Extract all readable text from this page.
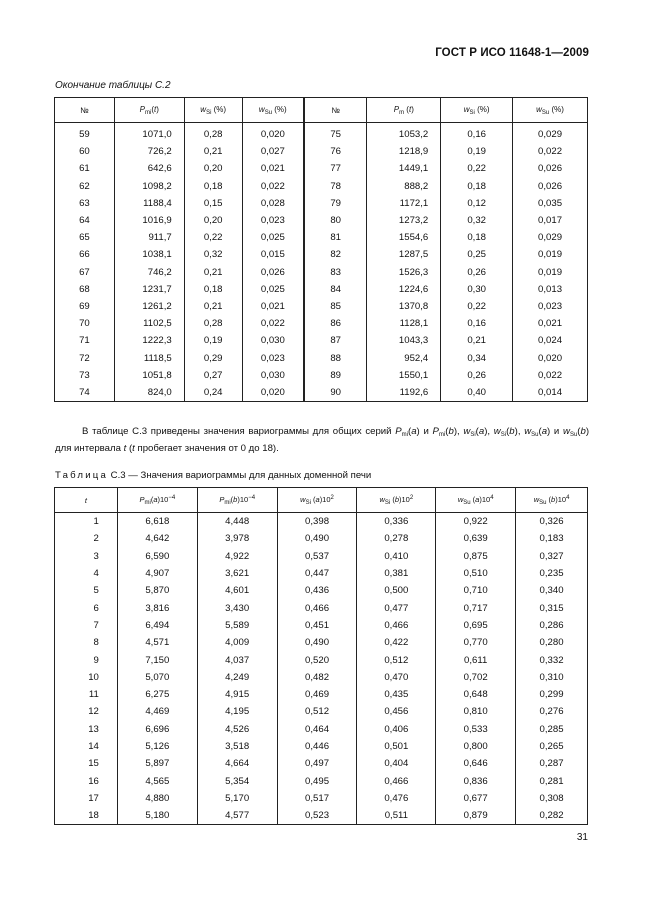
ГОСТ Р ИСО 11648-1—2009
Окончание таблицы С.2
№	$P_{mi}(t)$	$w_{Si}$ (%)	$w_{Su}$ (%)	№	$P_m$ (t)	$w_{Si}$ (%)	$w_{Su}$ (%)
59	1071,0	0,28	0,020	75	1053,2	0,16	0,029
60	726,2	0,21	0,027	76	1218,9	0,19	0,022
61	642,6	0,20	0,021	77	1449,1	0,22	0,026
62	1098,2	0,18	0,022	78	888,2	0,18	0,026
63	1188,4	0,15	0,028	79	1172,1	0,12	0,035
64	1016,9	0,20	0,023	80	1273,2	0,32	0,017
65	911,7	0,22	0,025	81	1554,6	0,18	0,029
66	1038,1	0,32	0,015	82	1287,5	0,25	0,019
67	746,2	0,21	0,026	83	1526,3	0,26	0,019
68	1231,7	0,18	0,025	84	1224,6	0,30	0,013
69	1261,2	0,21	0,021	85	1370,8	0,22	0,023
70	1102,5	0,28	0,022	86	1128,1	0,16	0,021
71	1222,3	0,19	0,030	87	1043,3	0,21	0,024
72	1118,5	0,29	0,023	88	952,4	0,34	0,020
73	1051,8	0,27	0,030	89	1550,1	0,26	0,022
74	824,0	0,24	0,020	90	1192,6	0,40	0,014
В таблице С.3 приведены значения вариограммы для общих серий $P_{mi}(a)$ и $P_{mi}(b)$, $w_{Si}(a)$, $w_{Si}(b)$, $w_{Su}(a)$ и $w_{Su}(b)$ для интервала t (t пробегает значения от 0 до 18).
Таблица С.3 — Значения вариограммы для данных доменной печи
t	$P_{mi}(a)10^{-4}$	$P_{mi}(b)10^{-4}$	$w_{Si}$ $(a)10^2$	$w_{Si}$ $(b)10^2$	$w_{Su}$ $(a)10^4$	$w_{Su}$ $(b)10^4$
1	6,618	4,448	0,398	0,336	0,922	0,326
2	4,642	3,978	0,490	0,278	0,639	0,183
3	6,590	4,922	0,537	0,410	0,875	0,327
4	4,907	3,621	0,447	0,381	0,510	0,235
5	5,870	4,601	0,436	0,500	0,710	0,340
6	3,816	3,430	0,466	0,477	0,717	0,315
7	6,494	5,589	0,451	0,466	0,695	0,286
8	4,571	4,009	0,490	0,422	0,770	0,280
9	7,150	4,037	0,520	0,512	0,611	0,332
10	5,070	4,249	0,482	0,470	0,702	0,310
11	6,275	4,915	0,469	0,435	0,648	0,299
12	4,469	4,195	0,512	0,456	0,810	0,276
13	6,696	4,526	0,464	0,406	0,533	0,285
14	5,126	3,518	0,446	0,501	0,800	0,265
15	5,897	4,664	0,497	0,404	0,646	0,287
16	4,565	5,354	0,495	0,466	0,836	0,281
17	4,880	5,170	0,517	0,476	0,677	0,308
18	5,180	4,577	0,523	0,511	0,879	0,282
31
